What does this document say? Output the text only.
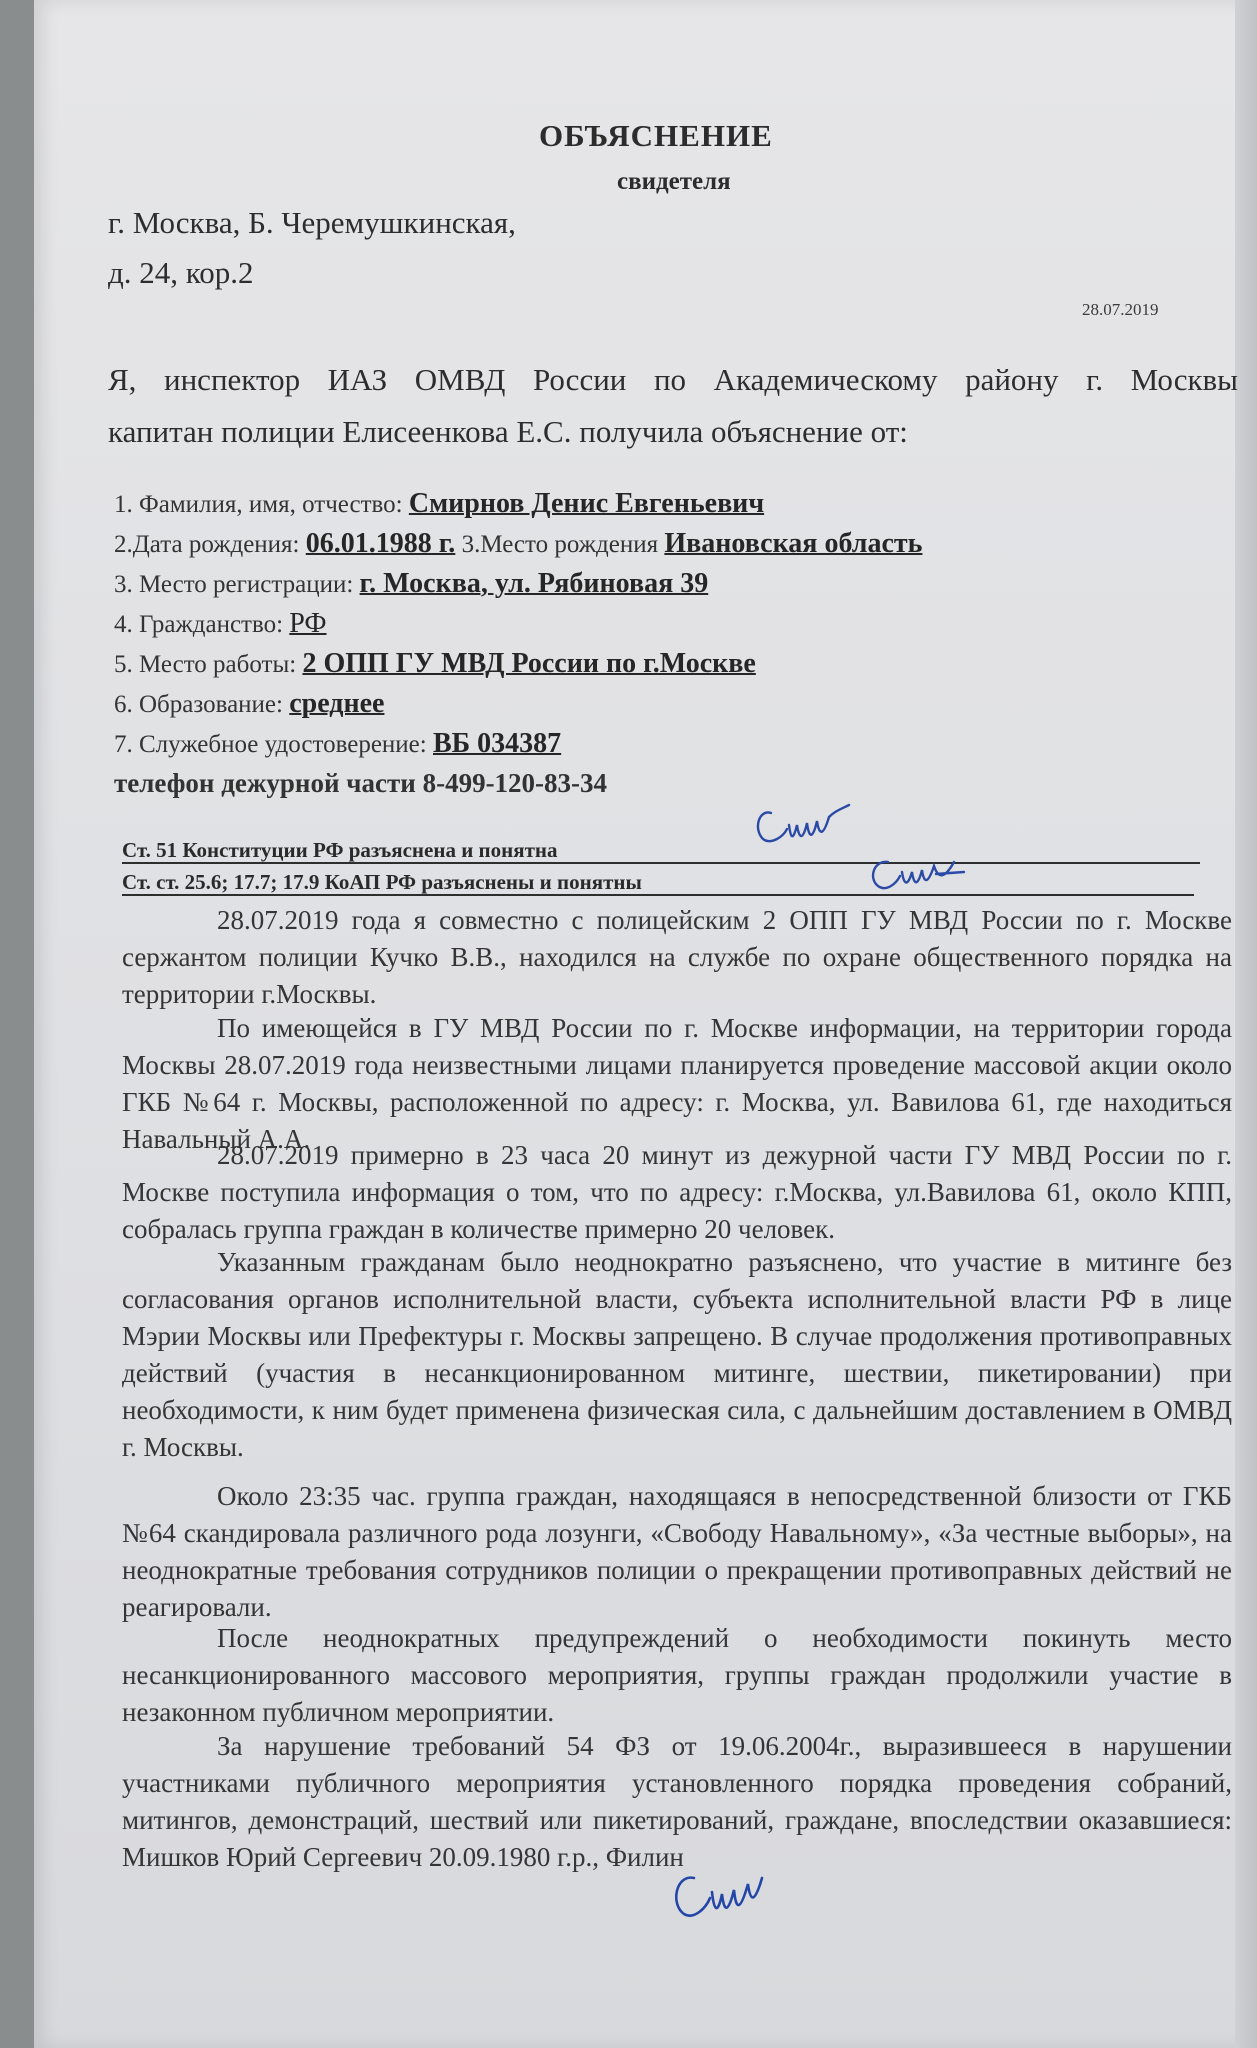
ОБЪЯСНЕНИЕ
свидетеля
г. Москва, Б. Черемушкинская,
д. 24, кор.2
28.07.2019
Я, инспектор ИАЗ ОМВД России по Академическому району г. Москвы
капитан полиции Елисеенкова Е.С. получила объяснение от:
1. Фамилия, имя, отчество: Смирнов Денис Евгеньевич
2.Дата рождения: 06.01.1988 г. 3.Место рождения Ивановская область
3. Место регистрации: г. Москва, ул. Рябиновая 39
4. Гражданство: РФ
5. Место работы: 2 ОПП ГУ МВД России по г.Москве
6. Образование: среднее
7. Служебное удостоверение: ВБ 034387
телефон дежурной части 8-499-120-83-34
Ст. 51 Конституции РФ разъяснена и понятна
Ст. ст. 25.6; 17.7; 17.9 КоАП РФ разъяснены и понятны
28.07.2019 года я совместно с полицейским 2 ОПП ГУ МВД России по г. Москве сержантом полиции Кучко В.В., находился на службе по охране общественного порядка на территории г.Москвы.
По имеющейся в ГУ МВД России по г. Москве информации, на территории города Москвы 28.07.2019 года неизвестными лицами планируется проведение массовой акции около ГКБ №64 г. Москвы, расположенной по адресу: г. Москва, ул. Вавилова 61, где находиться Навальный А.А.
28.07.2019 примерно в 23 часа 20 минут из дежурной части ГУ МВД России по г. Москве поступила информация о том, что по адресу: г.Москва, ул.Вавилова 61, около КПП, собралась группа граждан в количестве примерно 20 человек.
Указанным гражданам было неоднократно разъяснено, что участие в митинге без согласования органов исполнительной власти, субъекта исполнительной власти РФ в лице Мэрии Москвы или Префектуры г. Москвы запрещено. В случае продолжения противоправных действий (участия в несанкционированном митинге, шествии, пикетировании) при необходимости, к ним будет применена физическая сила, с дальнейшим доставлением в ОМВД г. Москвы.
Около 23:35 час. группа граждан, находящаяся в непосредственной близости от ГКБ №64 скандировала различного рода лозунги, «Свободу Навальному», «За честные выборы», на неоднократные требования сотрудников полиции о прекращении противоправных действий не реагировали.
После неоднократных предупреждений о необходимости покинуть место несанкционированного массового мероприятия, группы граждан продолжили участие в незаконном публичном мероприятии.
За нарушение требований 54 ФЗ от 19.06.2004г., выразившееся в нарушении участниками публичного мероприятия установленного порядка проведения собраний, митингов, демонстраций, шествий или пикетирований, граждане, впоследствии оказавшиеся: Мишков Юрий Сергеевич 20.09.1980 г.р., Филин
